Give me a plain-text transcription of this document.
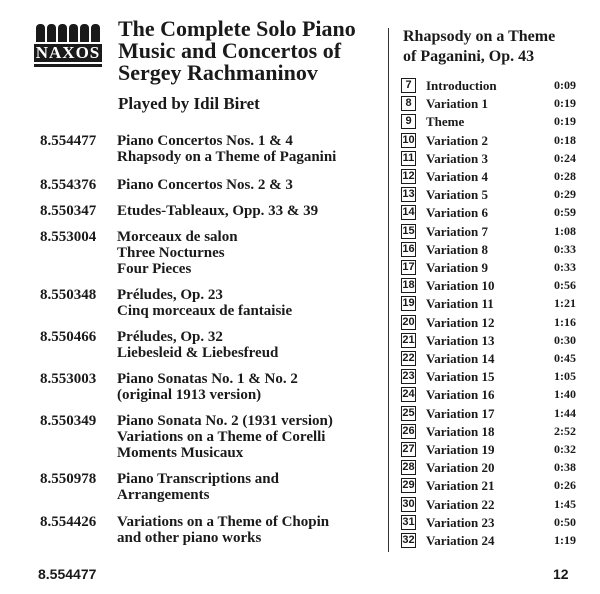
NAXOS
The Complete Solo Piano
Music and Concertos of
Sergey Rachmaninov
Played by Idil Biret
8.554477 Piano Concertos Nos. 1 & 4
Rhapsody on a Theme of Paganini
8.554376 Piano Concertos Nos. 2 & 3
8.550347 Etudes-Tableaux, Opp. 33 & 39
8.553004 Morceaux de salon
Three Nocturnes
Four Pieces
8.550348 Préludes, Op. 23
Cinq morceaux de fantaisie
8.550466 Préludes, Op. 32
Liebesleid & Liebesfreud
8.553003 Piano Sonatas No. 1 & No. 2
(original 1913 version)
8.550349 Piano Sonata No. 2 (1931 version)
Variations on a Theme of Corelli
Moments Musicaux
8.550978 Piano Transcriptions and
Arrangements
8.554426 Variations on a Theme of Chopin
and other piano works
Rhapsody on a Theme
of Paganini, Op. 43
7	Introduction	0:09
8	Variation 1	0:19
9	Theme	0:19
10 Variation 2	0:18
11 Variation 3	0:24
12 Variation 4	0:28
13 Variation 5	0:29
14 Variation 6	0:59
15 Variation 7	1:08
16 Variation 8	0:33
17 Variation 9	0:33
18 Variation 10	0:56
19 Variation 11	1:21
20 Variation 12	1:16
21 Variation 13	0:30
22 Variation 14	0:45
23 Variation 15	1:05
24 Variation 16	1:40
25 Variation 17	1:44
26 Variation 18	2:52
27 Variation 19	0:32
28 Variation 20	0:38
29 Variation 21	0:26
30 Variation 22	1:45
31 Variation 23	0:50
32 Variation 24	1:19
8.554477	12
